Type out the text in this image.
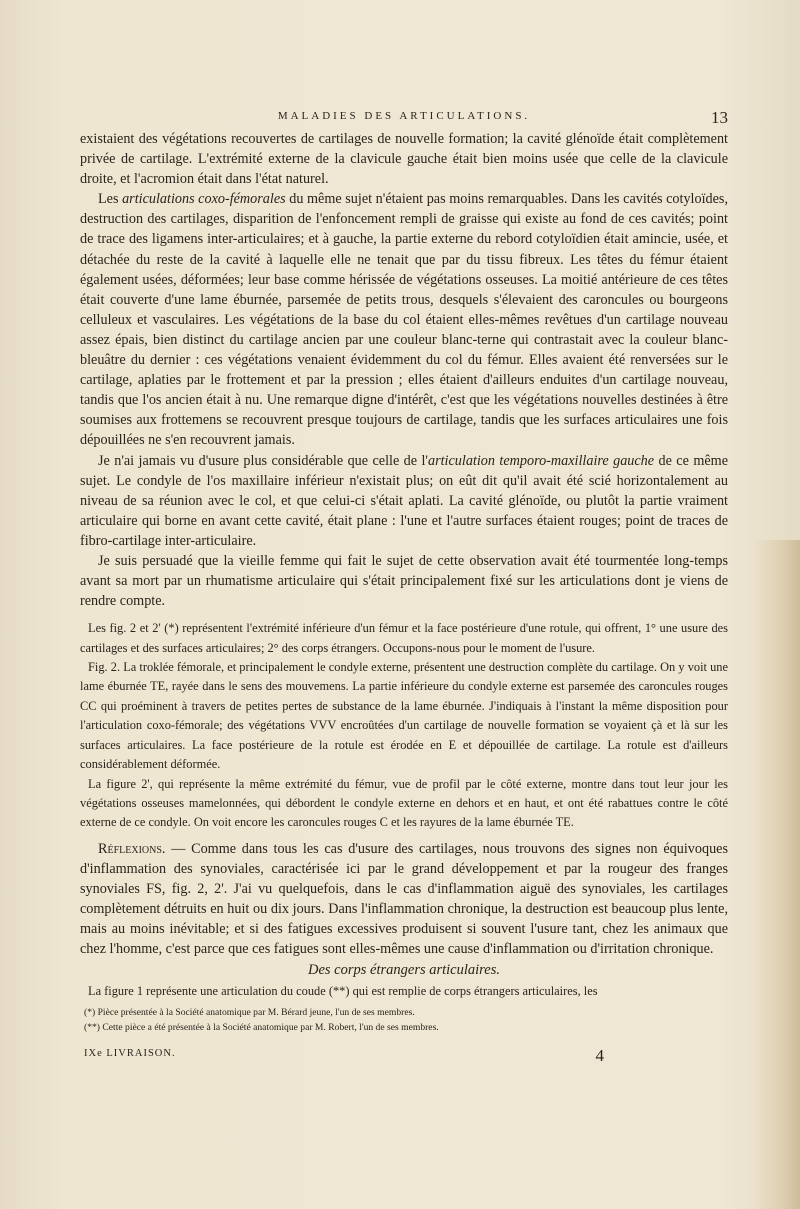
MALADIES DES ARTICULATIONS.	13

existaient des végétations recouvertes de cartilages de nouvelle formation; la cavité glénoïde était complètement privée de cartilage. L'extrémité externe de la clavicule gauche était bien moins usée que celle de la clavicule droite, et l'acromion était dans l'état naturel.

Les articulations coxo-fémorales du même sujet n'étaient pas moins remarquables. Dans les cavités cotyloïdes, destruction des cartilages, disparition de l'enfoncement rempli de graisse qui existe au fond de ces cavités; point de trace des ligamens inter-articulaires; et à gauche, la partie externe du rebord cotyloïdien était amincie, usée, et détachée du reste de la cavité à laquelle elle ne tenait que par du tissu fibreux. Les têtes du fémur étaient également usées, déformées; leur base comme hérissée de végétations osseuses. La moitié antérieure de ces têtes était couverte d'une lame éburnée, parsemée de petits trous, desquels s'élevaient des caroncules ou bourgeons celluleux et vasculaires. Les végétations de la base du col étaient elles-mêmes revêtues d'un cartilage nouveau assez épais, bien distinct du cartilage ancien par une couleur blanc-terne qui contrastait avec la couleur blanc-bleuâtre du dernier : ces végétations venaient évidemment du col du fémur. Elles avaient été renversées sur le cartilage, aplaties par le frottement et par la pression ; elles étaient d'ailleurs enduites d'un cartilage nouveau, tandis que l'os ancien était à nu. Une remarque digne d'intérêt, c'est que les végétations nouvelles destinées à être soumises aux frottemens se recouvrent presque toujours de cartilage, tandis que les surfaces articulaires une fois dépouillées ne s'en recouvrent jamais.

Je n'ai jamais vu d'usure plus considérable que celle de l'articulation temporo-maxillaire gauche de ce même sujet. Le condyle de l'os maxillaire inférieur n'existait plus; on eût dit qu'il avait été scié horizontalement au niveau de sa réunion avec le col, et que celui-ci s'était aplati. La cavité glénoïde, ou plutôt la partie vraiment articulaire qui borne en avant cette cavité, était plane : l'une et l'autre surfaces étaient rouges; point de traces de fibro-cartilage inter-articulaire.

Je suis persuadé que la vieille femme qui fait le sujet de cette observation avait été tourmentée long-temps avant sa mort par un rhumatisme articulaire qui s'était principalement fixé sur les articulations dont je viens de rendre compte.

Les fig. 2 et 2' (*) représentent l'extrémité inférieure d'un fémur et la face postérieure d'une rotule, qui offrent, 1° une usure des cartilages et des surfaces articulaires; 2° des corps étrangers. Occupons-nous pour le moment de l'usure.

Fig. 2. La troklée fémorale, et principalement le condyle externe, présentent une destruction complète du cartilage. On y voit une lame éburnée TE, rayée dans le sens des mouvemens. La partie inférieure du condyle externe est parsemée des caroncules rouges CC qui proéminent à travers de petites pertes de substance de la lame éburnée. J'indiquais à l'instant la même disposition pour l'articulation coxo-fémorale; des végétations VVV encroûtées d'un cartilage de nouvelle formation se voyaient çà et là sur les surfaces articulaires. La face postérieure de la rotule est érodée en E et dépouillée de cartilage. La rotule est d'ailleurs considérablement déformée.

La figure 2', qui représente la même extrémité du fémur, vue de profil par le côté externe, montre dans tout leur jour les végétations osseuses mamelonnées, qui débordent le condyle externe en dehors et en haut, et ont été rabattues contre le côté externe de ce condyle. On voit encore les caroncules rouges C et les rayures de la lame éburnée TE.

Réflexions. — Comme dans tous les cas d'usure des cartilages, nous trouvons des signes non équivoques d'inflammation des synoviales, caractérisée ici par le grand développement et par la rougeur des franges synoviales FS, fig. 2, 2'. J'ai vu quelquefois, dans le cas d'inflammation aiguë des synoviales, les cartilages complètement détruits en huit ou dix jours. Dans l'inflammation chronique, la destruction est beaucoup plus lente, mais au moins inévitable; et si des fatigues excessives produisent si souvent l'usure tant, chez les animaux que chez l'homme, c'est parce que ces fatigues sont elles-mêmes une cause d'inflammation ou d'irritation chronique.

Des corps étrangers articulaires.

La figure 1 représente une articulation du coude (**) qui est remplie de corps étrangers articulaires, les

(*) Pièce présentée à la Société anatomique par M. Bérard jeune, l'un de ses membres.

(**) Cette pièce a été présentée à la Société anatomique par M. Robert, l'un de ses membres.

IXe LIVRAISON.	4
